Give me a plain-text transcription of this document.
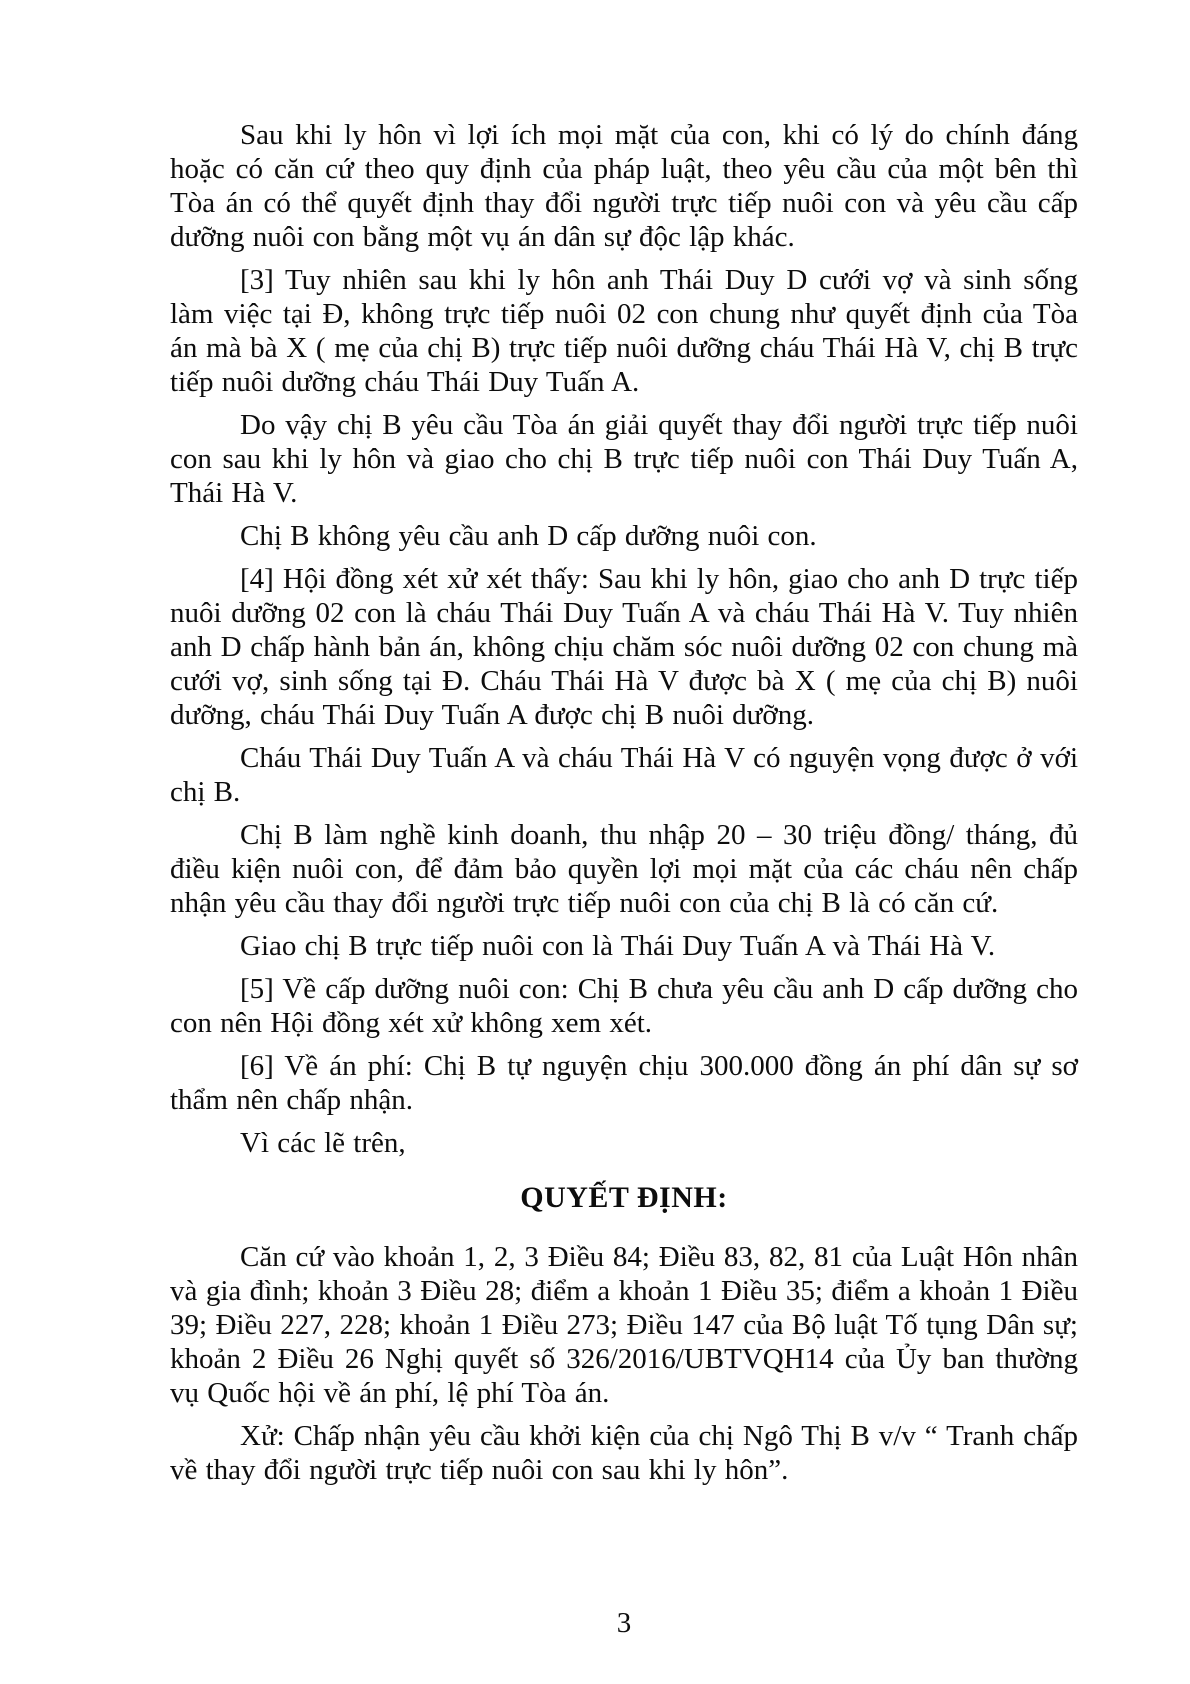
Sau khi ly hôn vì lợi ích mọi mặt của con, khi có lý do chính đáng hoặc có căn cứ theo quy định của pháp luật, theo yêu cầu của một bên thì Tòa án có thể quyết định thay đổi người trực tiếp nuôi con và yêu cầu cấp dưỡng nuôi con bằng một vụ án dân sự độc lập khác.

[3] Tuy nhiên sau khi ly hôn anh Thái Duy D cưới vợ và sinh sống làm việc tại Đ, không trực tiếp nuôi 02 con chung như quyết định của Tòa án mà bà X ( mẹ của chị B) trực tiếp nuôi dưỡng cháu Thái Hà V, chị B trực tiếp nuôi dưỡng cháu Thái Duy Tuấn A.

Do vậy chị B yêu cầu Tòa án giải quyết thay đổi người trực tiếp nuôi con sau khi ly hôn và giao cho chị B trực tiếp nuôi con Thái Duy Tuấn A, Thái Hà V.

Chị B không yêu cầu anh D cấp dưỡng nuôi con.

[4] Hội đồng xét xử xét thấy: Sau khi ly hôn, giao cho anh D trực tiếp nuôi dưỡng 02 con là cháu Thái Duy Tuấn A và cháu Thái Hà V. Tuy nhiên anh D chấp hành bản án, không chịu chăm sóc nuôi dưỡng 02 con chung mà cưới vợ, sinh sống tại Đ. Cháu Thái Hà V được bà X ( mẹ của chị B) nuôi dưỡng, cháu Thái Duy Tuấn A được chị B nuôi dưỡng.

Cháu Thái Duy Tuấn A và cháu Thái Hà V có nguyện vọng được ở với chị B.

Chị B làm nghề kinh doanh, thu nhập 20 – 30 triệu đồng/ tháng, đủ điều kiện nuôi con, để đảm bảo quyền lợi mọi mặt của các cháu nên chấp nhận yêu cầu thay đổi người trực tiếp nuôi con của chị B là có căn cứ.

Giao chị B trực tiếp nuôi con là Thái Duy Tuấn A và Thái Hà V.

[5] Về cấp dưỡng nuôi con: Chị B chưa yêu cầu anh D cấp dưỡng cho con nên Hội đồng xét xử không xem xét.

[6] Về án phí: Chị B tự nguyện chịu 300.000 đồng án phí dân sự sơ thẩm nên chấp nhận.

Vì các lẽ trên,

QUYẾT ĐỊNH:

Căn cứ vào khoản 1, 2, 3 Điều 84; Điều 83, 82, 81 của Luật Hôn nhân và gia đình; khoản 3 Điều 28; điểm a khoản 1 Điều 35; điểm a khoản 1 Điều 39; Điều 227, 228; khoản 1 Điều 273; Điều 147 của Bộ luật Tố tụng Dân sự; khoản 2 Điều 26 Nghị quyết số 326/2016/UBTVQH14 của Ủy ban thường vụ Quốc hội về án phí, lệ phí Tòa án.

Xử: Chấp nhận yêu cầu khởi kiện của chị Ngô Thị B v/v “ Tranh chấp về thay đổi người trực tiếp nuôi con sau khi ly hôn”.

3
